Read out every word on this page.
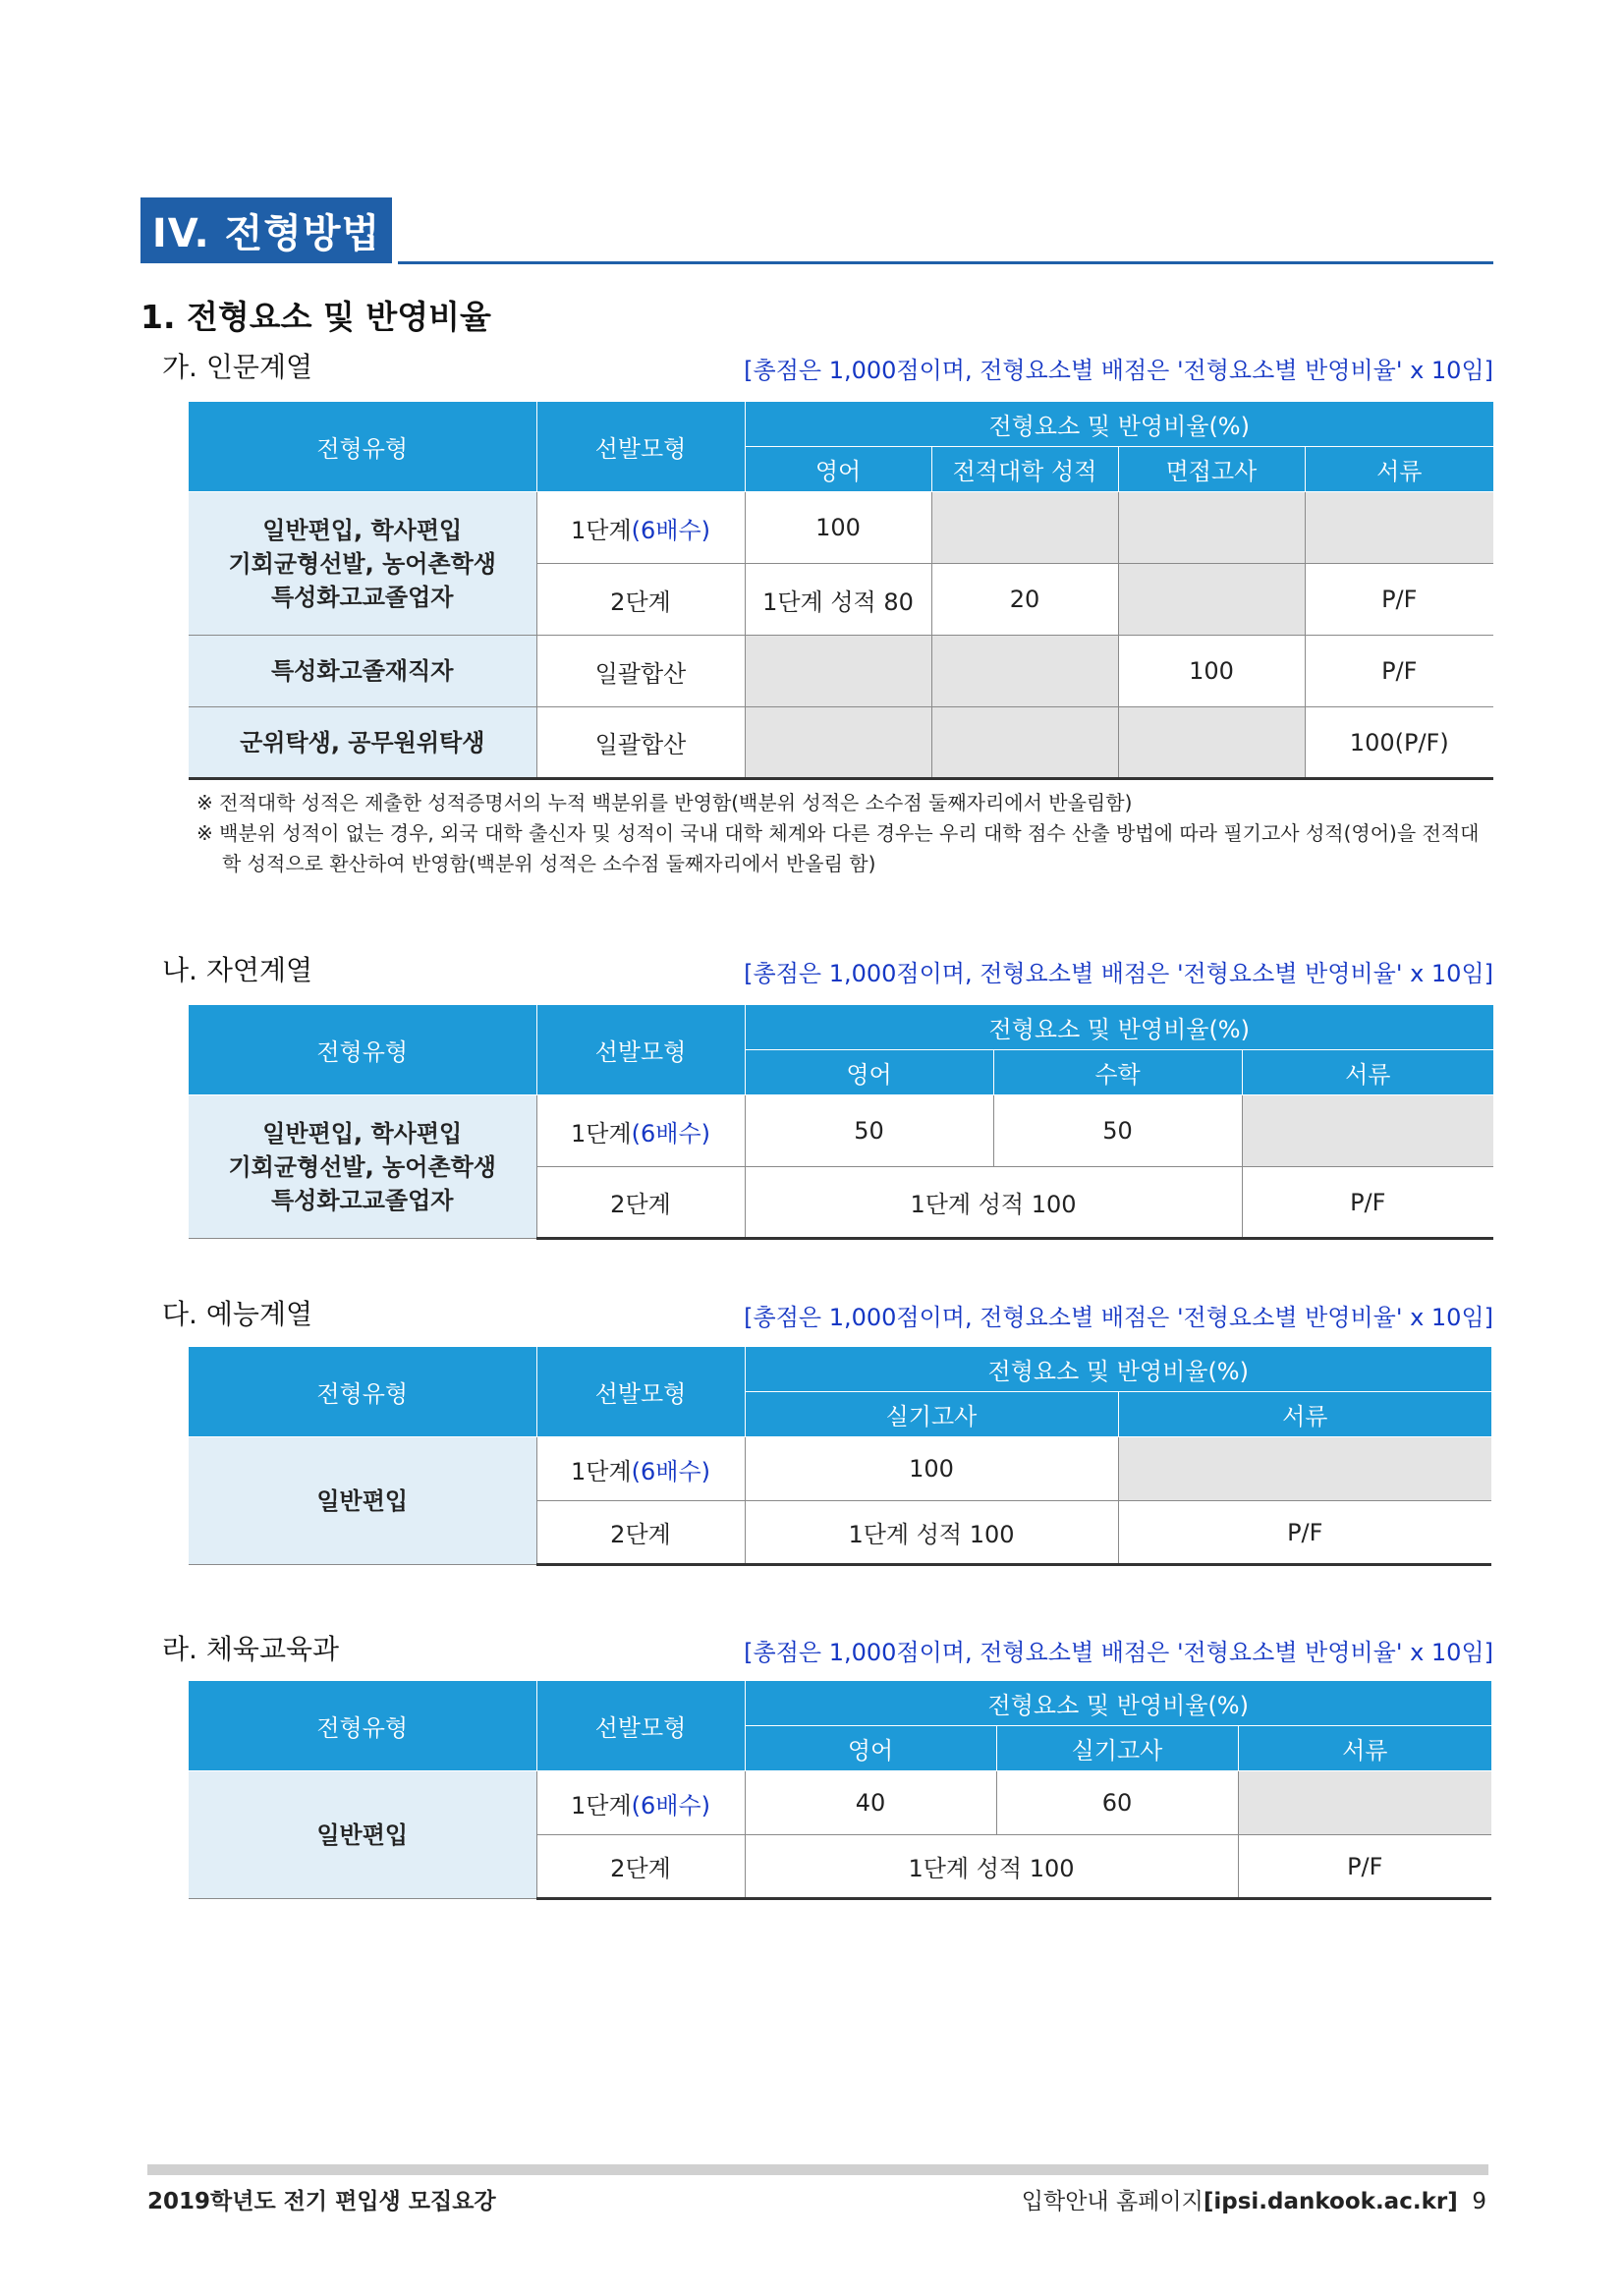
IV. 전형방법
1. 전형요소 및 반영비율
가. 인문계열	[총점은 1,000점이며, 전형요소별 배점은 '전형요소별 반영비율' x 10임]
전형유형	선발모형	전형요소 및 반영비율(%)			
		영어	전적대학 성적	면접고사	서류

일반편입, 학사편입
기회균형선발, 농어촌학생
특성화고교졸업자	1단계(6배수)	100			
	2단계	1단계 성적 80	20		P/F
특성화고졸재직자	일괄합산			100	P/F
군위탁생, 공무원위탁생	일괄합산				100(P/F)
※ 전적대학 성적은 제출한 성적증명서의 누적 백분위를 반영함(백분위 성적은 소수점 둘째자리에서 반올림함)
※ 백분위 성적이 없는 경우, 외국 대학 출신자 및 성적이 국내 대학 체계와 다른 경우는 우리 대학 점수 산출 방법에 따라 필기고사 성적(영어)을 전적대학 성적으로 환산하여 반영함(백분위 성적은 소수점 둘째자리에서 반올림 함)
나. 자연계열	[총점은 1,000점이며, 전형요소별 배점은 '전형요소별 반영비율' x 10임]
전형유형	선발모형	전형요소 및 반영비율(%)		
		영어	수학	서류

일반편입, 학사편입
기회균형선발, 농어촌학생
특성화고교졸업자	1단계(6배수)	50	50	
	2단계	1단계 성적 100		P/F
다. 예능계열	[총점은 1,000점이며, 전형요소별 배점은 '전형요소별 반영비율' x 10임]
전형유형	선발모형	전형요소 및 반영비율(%)	
		실기고사	서류
일반편입	1단계(6배수)	100	
	2단계	1단계 성적 100	P/F
라. 체육교육과	[총점은 1,000점이며, 전형요소별 배점은 '전형요소별 반영비율' x 10임]
전형유형	선발모형	전형요소 및 반영비율(%)		
		영어	실기고사	서류
일반편입	1단계(6배수)	40	60	
	2단계	1단계 성적 100		P/F
2019학년도 전기 편입생 모집요강	입학안내 홈페이지[ipsi.dankook.ac.kr] 9
